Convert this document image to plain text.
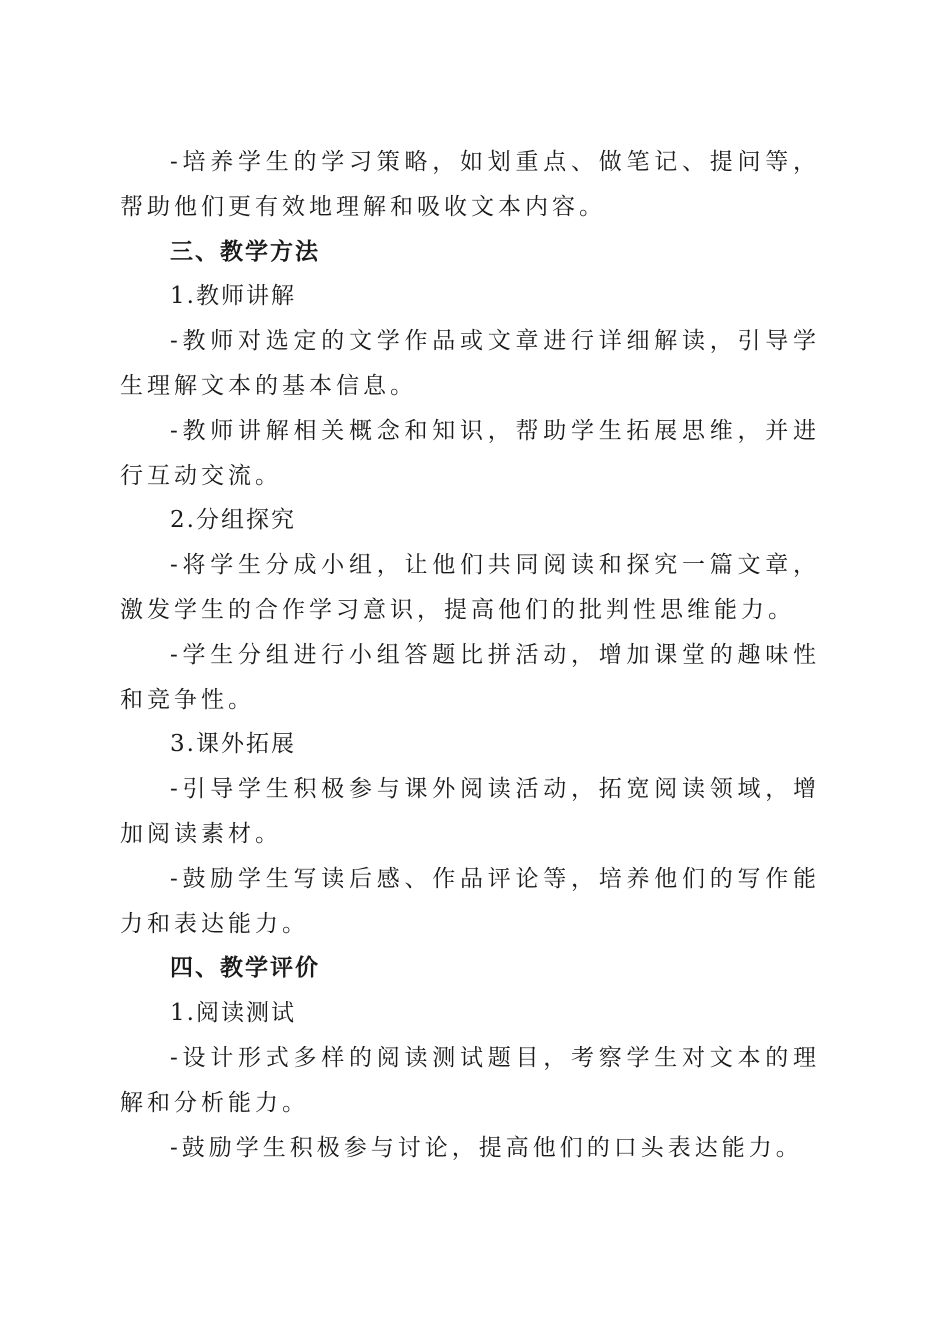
-培养学生的学习策略，如划重点、做笔记、提问等，帮助他们更有效地理解和吸收文本内容。

三、教学方法

1.教师讲解

-教师对选定的文学作品或文章进行详细解读，引导学生理解文本的基本信息。

-教师讲解相关概念和知识，帮助学生拓展思维，并进行互动交流。

2.分组探究

-将学生分成小组，让他们共同阅读和探究一篇文章，激发学生的合作学习意识，提高他们的批判性思维能力。

-学生分组进行小组答题比拼活动，增加课堂的趣味性和竞争性。

3.课外拓展

-引导学生积极参与课外阅读活动，拓宽阅读领域，增加阅读素材。

-鼓励学生写读后感、作品评论等，培养他们的写作能力和表达能力。

四、教学评价

1.阅读测试

-设计形式多样的阅读测试题目，考察学生对文本的理解和分析能力。

-鼓励学生积极参与讨论，提高他们的口头表达能力。
